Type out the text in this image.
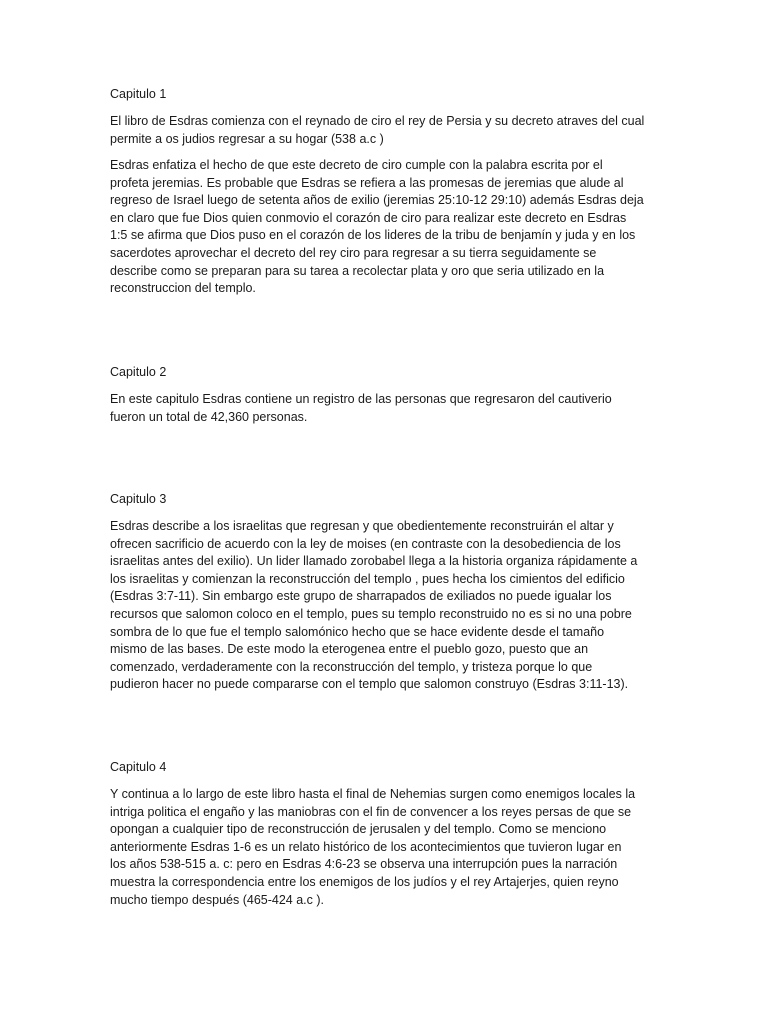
Capitulo 1

El libro de Esdras comienza con el reynado de ciro el rey de Persia y su decreto atraves del cual
permite a os judios regresar a su hogar (538 a.c )

Esdras enfatiza el hecho de que este decreto de ciro cumple con la palabra escrita por el
profeta jeremias. Es probable que Esdras se refiera a las promesas de jeremias que alude al
regreso de Israel luego de setenta años de exilio (jeremias 25:10-12 29:10) además Esdras deja
en claro que fue Dios quien conmovio el corazón de ciro para realizar este decreto en Esdras
1:5 se afirma que Dios puso en el corazón de los lideres de la tribu de benjamín y juda y en los
sacerdotes aprovechar el decreto del rey ciro para regresar a su tierra seguidamente se
describe como se preparan para su tarea a recolectar plata y oro que seria utilizado en la
reconstruccion del templo.

Capitulo 2

En este capitulo Esdras contiene un registro de las personas que regresaron del cautiverio
fueron un total de 42,360 personas.

Capitulo 3

Esdras describe a los israelitas que regresan y que obedientemente reconstruirán el altar y
ofrecen sacrificio de acuerdo con la ley de moises (en contraste con la desobediencia de los
israelitas antes del exilio). Un lider llamado zorobabel llega a la historia organiza rápidamente a
los israelitas y comienzan la reconstrucción del templo , pues hecha los cimientos del edificio
(Esdras 3:7-11). Sin embargo este grupo de sharrapados de exiliados no puede igualar los
recursos que salomon coloco en el templo, pues su templo reconstruido no es si no una pobre
sombra de lo que fue el templo salomónico hecho que se hace evidente desde el tamaño
mismo de las bases. De este modo la eterogenea entre el pueblo gozo, puesto que an
comenzado, verdaderamente con la reconstrucción del templo, y tristeza porque lo que
pudieron hacer no puede compararse con el templo que salomon construyo (Esdras 3:11-13).

Capitulo 4

Y continua a lo largo de este libro hasta el final de Nehemias surgen como enemigos locales la
intriga politica el engaño y las maniobras con el fin de convencer a los reyes persas de que se
opongan a cualquier tipo de reconstrucción de jerusalen y del templo. Como se menciono
anteriormente Esdras 1-6 es un relato histórico de los acontecimientos que tuvieron lugar en
los años 538-515 a. c: pero en Esdras 4:6-23 se observa una interrupción pues la narración
muestra la correspondencia entre los enemigos de los judíos y el rey Artajerjes, quien reyno
mucho tiempo después (465-424 a.c ).
